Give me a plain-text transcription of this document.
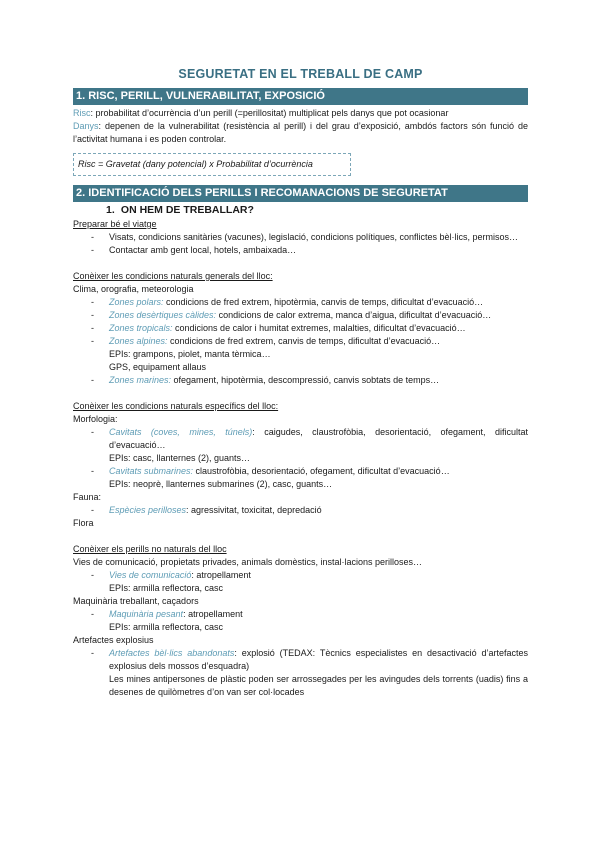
SEGURETAT EN EL TREBALL DE CAMP
1. RISC, PERILL, VULNERABILITAT, EXPOSICIÓ

Risc: probabilitat d’ocurrència d’un perill (=perillositat) multiplicat pels danys que pot ocasionar

Danys: depenen de la vulnerabilitat (resistència al perill) i del grau d’exposició, ambdós factors són funció de l’activitat humana i es poden controlar.

Risc = Gravetat (dany potencial) x Probabilitat d’ocurrència
2. IDENTIFICACIÓ DELS PERILLS I RECOMANACIONS DE SEGURETAT
1. ON HEM DE TREBALLAR?
Preparar bé el viatge
- Visats, condicions sanitàries (vacunes), legislació, condicions polítiques, conflictes bèl·lics, permisos…
- Contactar amb gent local, hotels, ambaixada…
Conèixer les condicions naturals generals del lloc:
Clima, orografia, meteorologia
- Zones polars: condicions de fred extrem, hipotèrmia, canvis de temps, dificultat d’evacuació…
- Zones desèrtiques càlides: condicions de calor extrema, manca d’aigua, dificultat d’evacuació…
- Zones tropicals: condicions de calor i humitat extremes, malalties, dificultat d’evacuació…
- Zones alpines: condicions de fred extrem, canvis de temps, dificultat d’evacuació…
EPIs: grampons, piolet, manta tèrmica…
GPS, equipament allaus
- Zones marines: ofegament, hipotèrmia, descompressió, canvis sobtats de temps…
Conèixer les condicions naturals específics del lloc:
Morfologia:
- Cavitats (coves, mines, túnels): caigudes, claustrofòbia, desorientació, ofegament, dificultat d’evacuació…
EPIs: casc, llanternes (2), guants…
- Cavitats submarines: claustrofòbia, desorientació, ofegament, dificultat d’evacuació…
EPIs: neoprè, llanternes submarines (2), casc, guants…
Fauna:
- Espècies perilloses: agressivitat, toxicitat, depredació
Flora
Conèixer els perills no naturals del lloc
Vies de comunicació, propietats privades, animals domèstics, instal·lacions perilloses…
- Vies de comunicació: atropellament
EPIs: armilla reflectora, casc
Maquinària treballant, caçadors
- Maquinària pesant: atropellament
EPIs: armilla reflectora, casc
Artefactes explosius
- Artefactes bèl·lics abandonats: explosió (TEDAX: Tècnics especialistes en desactivació d’artefactes explosius dels mossos d’esquadra)
Les mines antipersones de plàstic poden ser arrossegades per les avingudes dels torrents (uadis) fins a desenes de quilòmetres d’on van ser col·locades
